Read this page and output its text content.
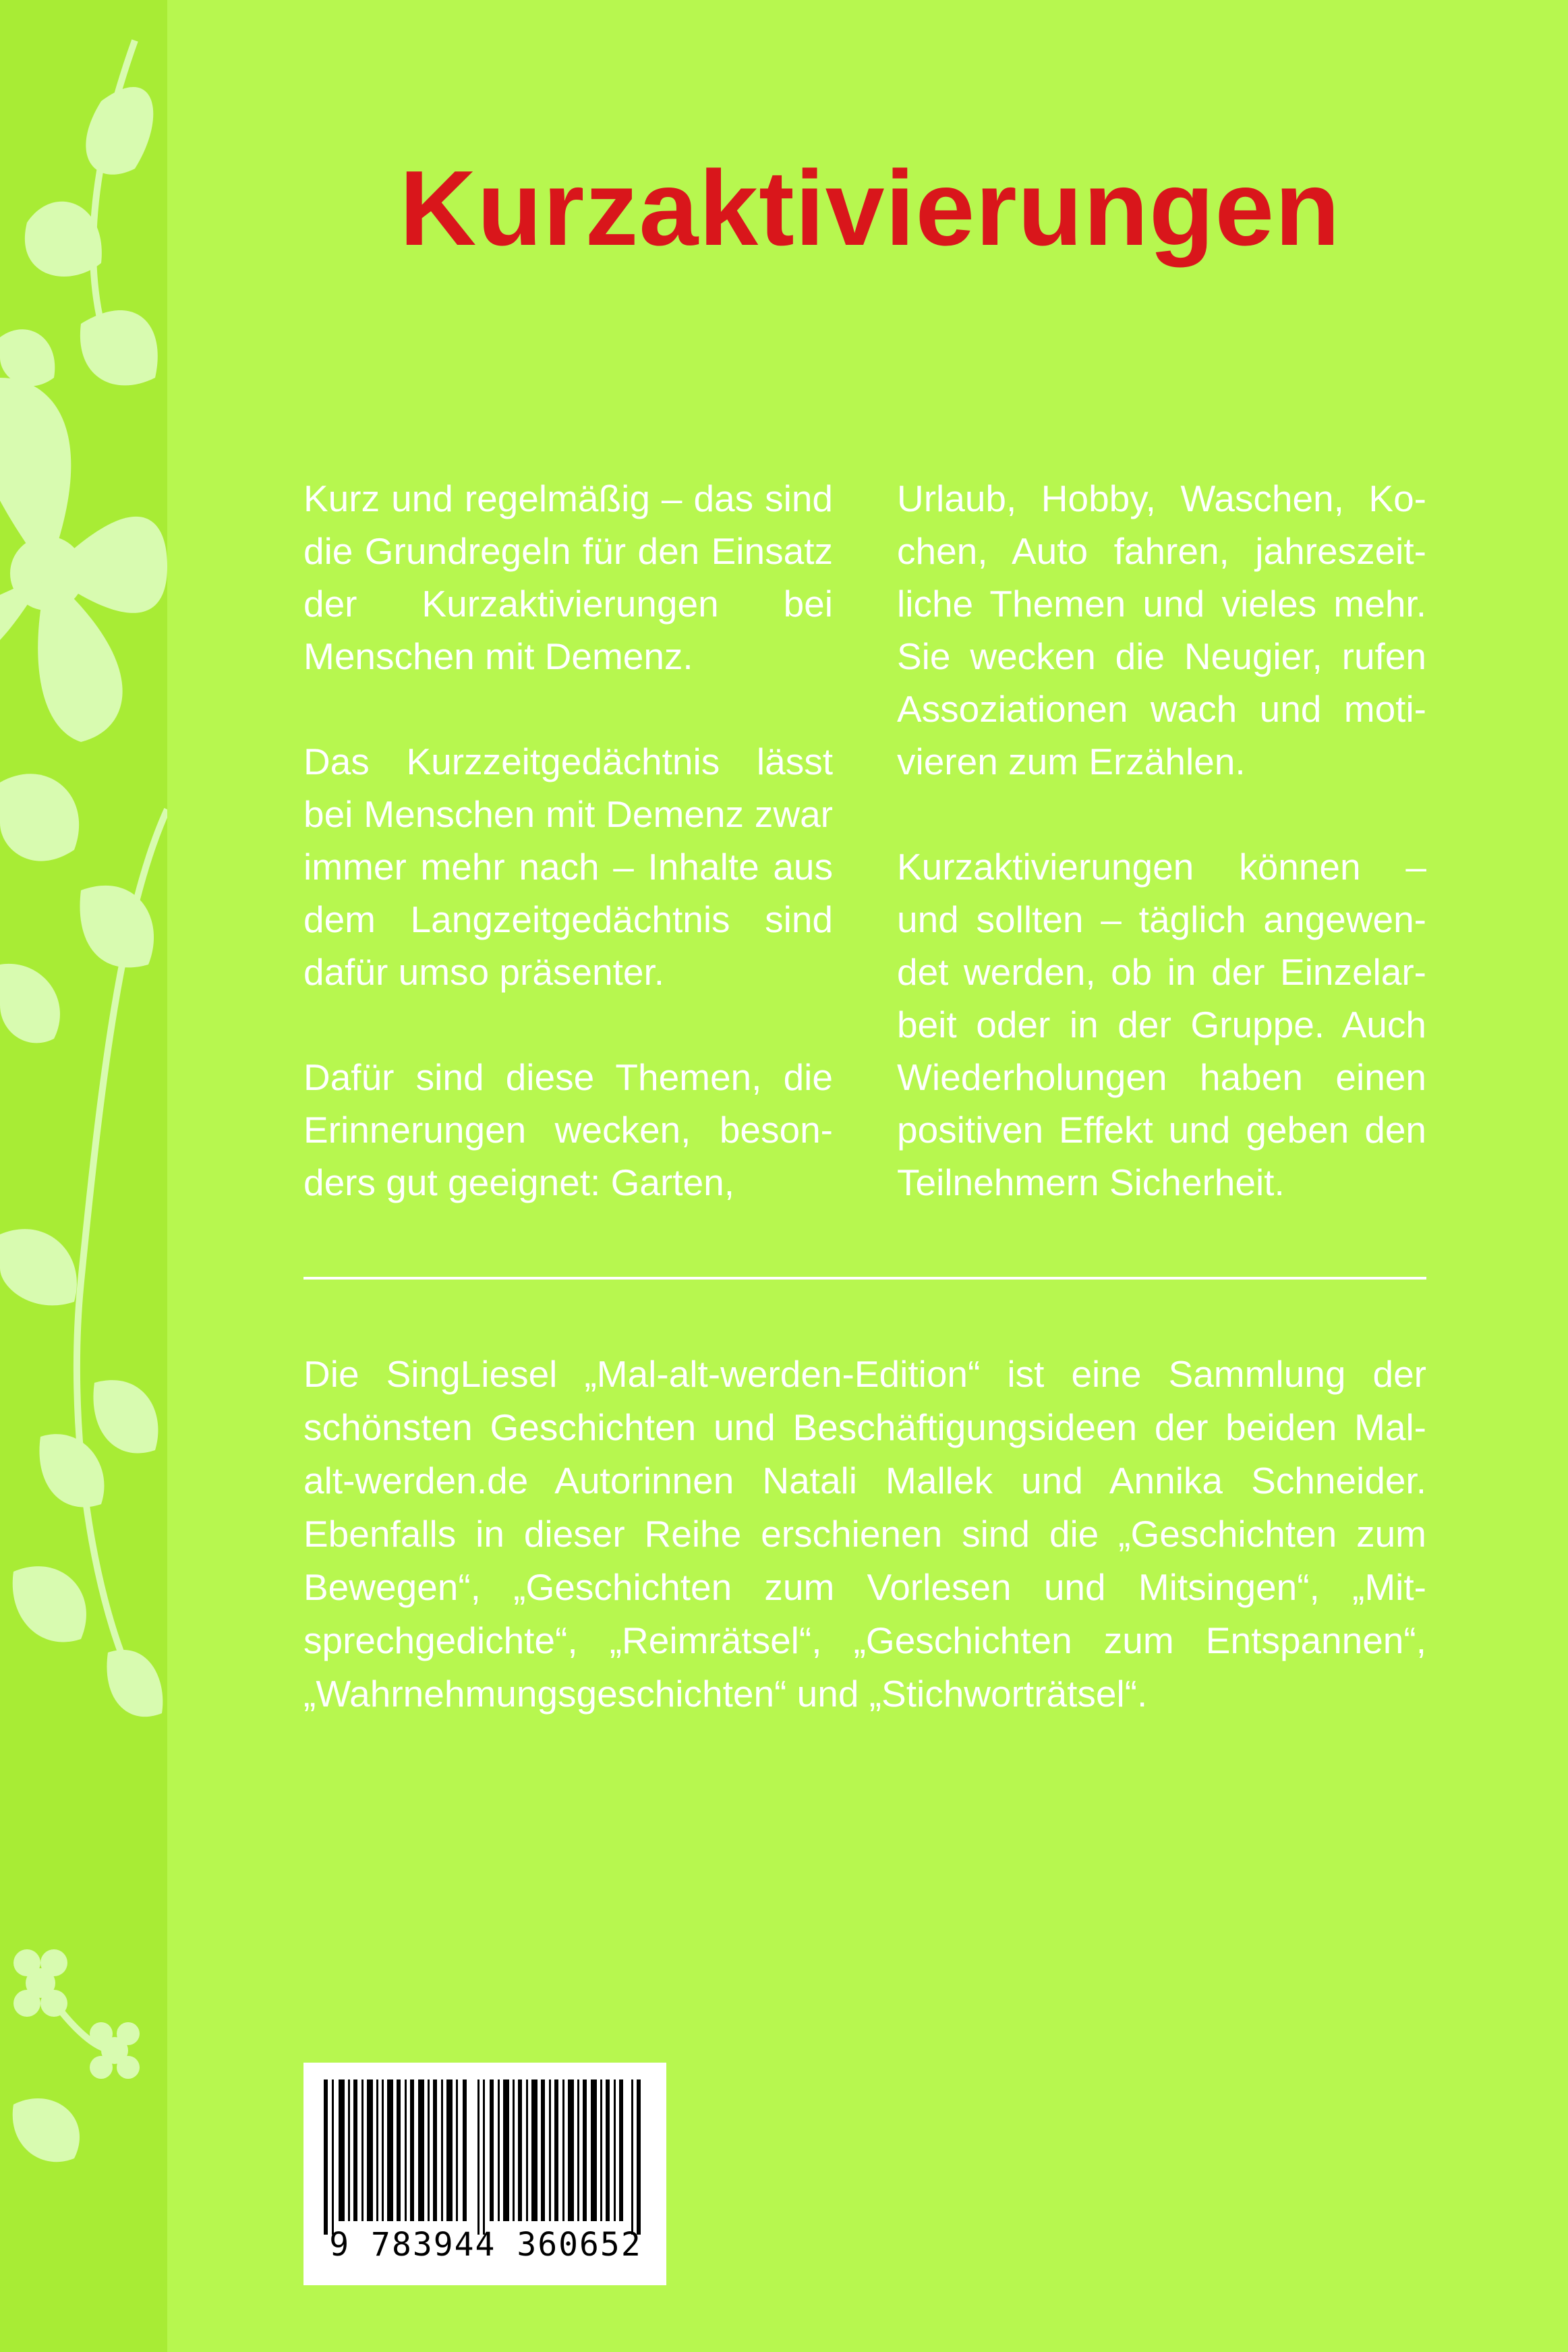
Kurzaktivierungen

Kurz und regelmäßig – das sind die Grundregeln für den Einsatz der Kurzaktivierungen bei Menschen mit Demenz.

Das Kurzzeitgedächtnis lässt bei Menschen mit Demenz zwar immer mehr nach – Inhalte aus dem Langzeitgedächtnis sind dafür umso präsenter.

Dafür sind diese Themen, die Erinnerungen wecken, besonders gut geeignet: Garten,

Urlaub, Hobby, Waschen, Kochen, Auto fahren, jahreszeitliche Themen und vieles mehr. Sie wecken die Neugier, rufen Assoziationen wach und motivieren zum Erzählen.

Kurzaktivierungen können – und sollten – täglich angewendet werden, ob in der Einzelarbeit oder in der Gruppe. Auch Wiederholungen haben einen positiven Effekt und geben den Teilnehmern Sicherheit.

Die SingLiesel „Mal-alt-werden-Edition“ ist eine Sammlung der schönsten Geschichten und Beschäftigungsideen der beiden Mal-alt-werden.de Autorinnen Natali Mallek und Annika Schneider. Ebenfalls in dieser Reihe erschienen sind die „Geschichten zum Bewegen“, „Geschichten zum Vorlesen und Mitsingen“, „Mitsprechgedichte“, „Reimrätsel“, „Geschichten zum Entspannen“, „Wahrnehmungsgeschichten“ und „Stichworträtsel“.
9 783944 360652
